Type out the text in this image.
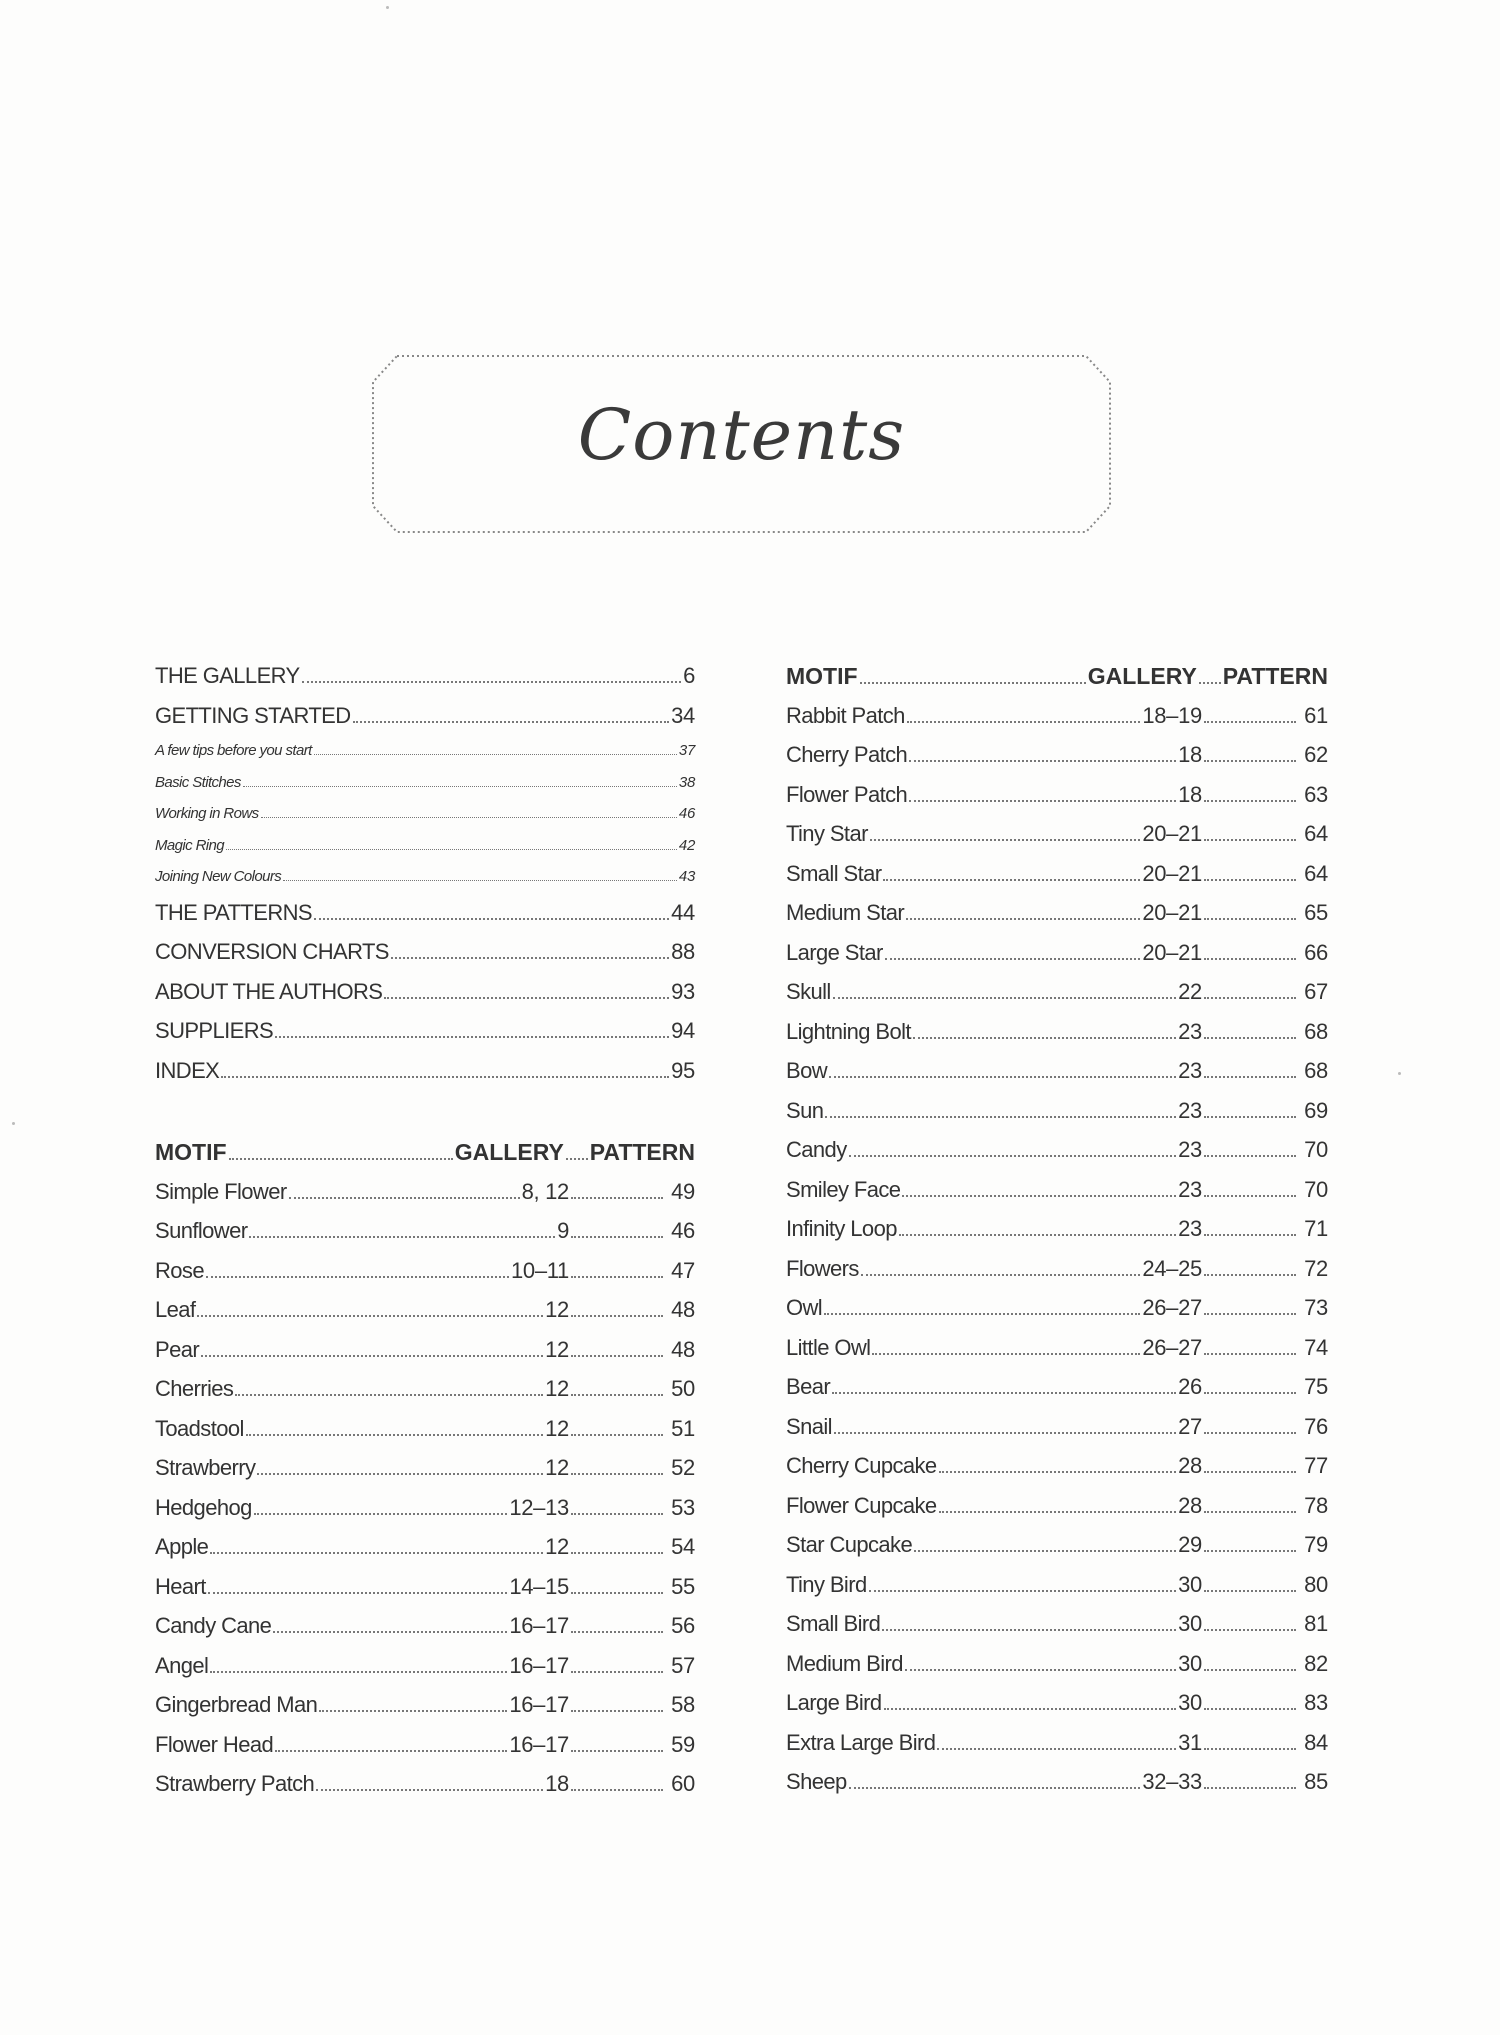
Contents
THE GALLERY	6
GETTING STARTED	34
A few tips before you start	37
Basic Stitches	38
Working in Rows	46
Magic Ring	42
Joining New Colours	43
THE PATTERNS	44
CONVERSION CHARTS	88
ABOUT THE AUTHORS	93
SUPPLIERS	94
INDEX	95
MOTIF	GALLERY PATTERN
Simple Flower	8, 12	49
Sunflower	9	46
Rose	10–11	47
Leaf	12	48
Pear	12	48
Cherries	12	50
Toadstool	12	51
Strawberry	12	52
Hedgehog	12–13	53
Apple	12	54
Heart	14–15	55
Candy Cane	16–17	56
Angel	16–17	57
Gingerbread Man	16–17	58
Flower Head	16–17	59
Strawberry Patch	18	60
MOTIF	GALLERY PATTERN
Rabbit Patch	18–19	61
Cherry Patch	18	62
Flower Patch	18	63
Tiny Star	20–21	64
Small Star	20–21	64
Medium Star	20–21	65
Large Star	20–21	66
Skull	22	67
Lightning Bolt	23	68
Bow	23	68
Sun	23	69
Candy	23	70
Smiley Face	23	70
Infinity Loop	23	71
Flowers	24–25	72
Owl	26–27	73
Little Owl	26–27	74
Bear	26	75
Snail	27	76
Cherry Cupcake	28	77
Flower Cupcake	28	78
Star Cupcake	29	79
Tiny Bird	30	80
Small Bird	30	81
Medium Bird	30	82
Large Bird	30	83
Extra Large Bird	31	84
Sheep	32–33	85
